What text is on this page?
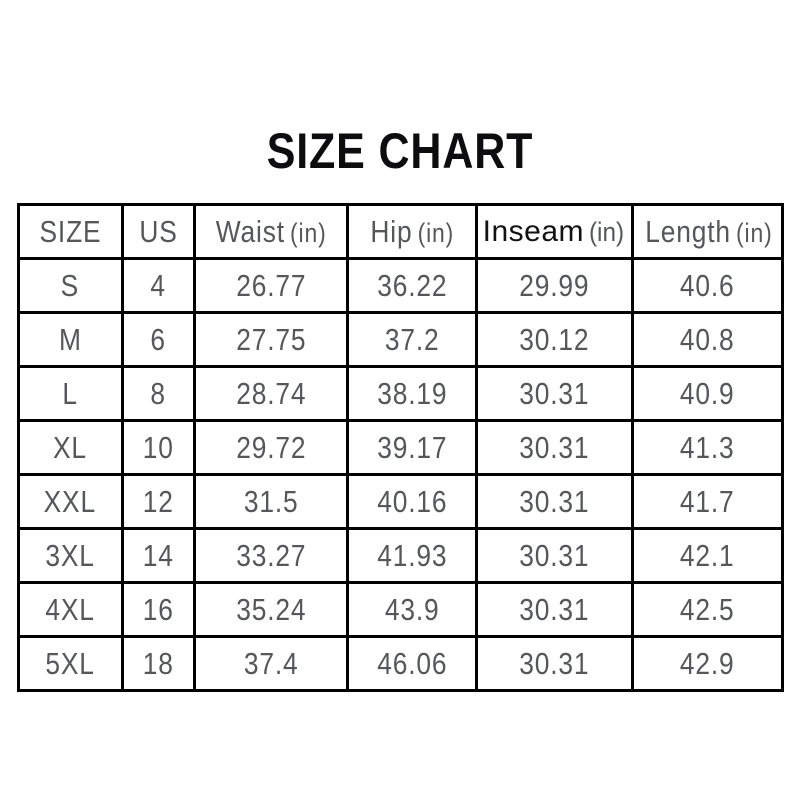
SIZE CHART
SIZE	US	Waist (in)	Hip (in)	Inseam (in)	Length (in)
S	4	26.77	36.22	29.99	40.6
M	6	27.75	37.2	30.12	40.8
L	8	28.74	38.19	30.31	40.9
XL	10	29.72	39.17	30.31	41.3
XXL	12	31.5	40.16	30.31	41.7
3XL	14	33.27	41.93	30.31	42.1
4XL	16	35.24	43.9	30.31	42.5
5XL	18	37.4	46.06	30.31	42.9
